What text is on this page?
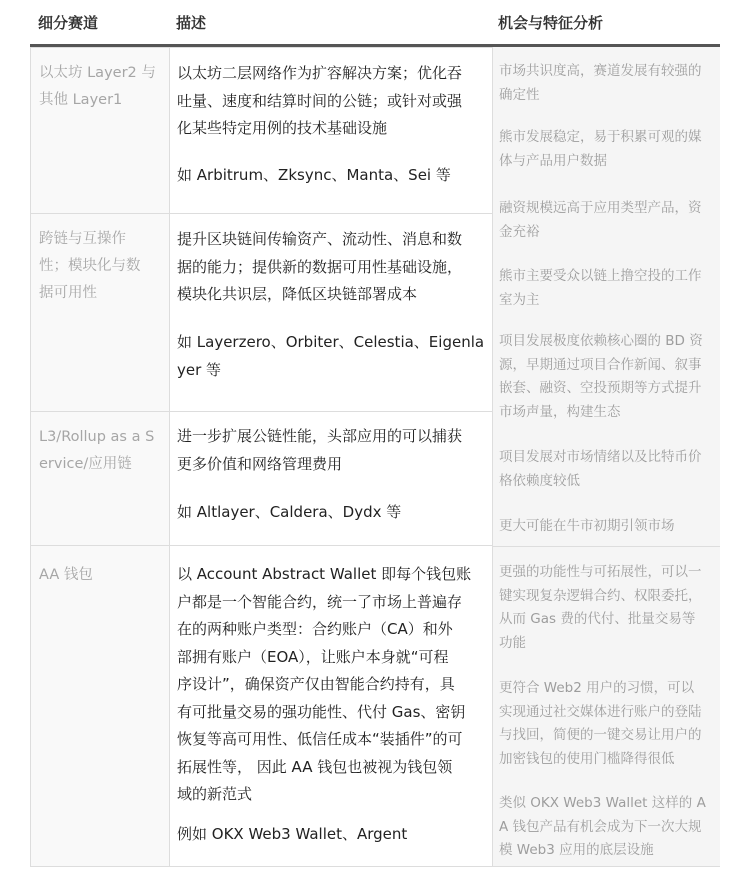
细分赛道	描述	机会与特征分析

以太坊 Layer2 与
其他 Layer1

跨链与互操作
性；模块化与数
据可用性

L3/Rollup as a S
ervice/应用链

AA 钱包

以太坊二层网络作为扩容解决方案；优化吞
吐量、速度和结算时间的公链；或针对或强
化某些特定用例的技术基础设施

如 Arbitrum、Zksync、Manta、Sei 等

提升区块链间传输资产、流动性、消息和数
据的能力；提供新的数据可用性基础设施，
模块化共识层，降低区块链部署成本

如 Layerzero、Orbiter、Celestia、Eigenla
yer 等

进一步扩展公链性能，头部应用的可以捕获
更多价值和网络管理费用

如 Altlayer、Caldera、Dydx 等

以 Account Abstract Wallet 即每个钱包账
户都是一个智能合约，统一了市场上普遍存
在的两种账户类型：合约账户（CA）和外
部拥有账户（EOA），让账户本身就“可程
序设计”，确保资产仅由智能合约持有，具
有可批量交易的强功能性、代付 Gas、密钥
恢复等高可用性、低信任成本“装插件”的可
拓展性等， 因此 AA 钱包也被视为钱包领
域的新范式

例如 OKX Web3 Wallet、Argent

市场共识度高，赛道发展有较强的
确定性

熊市发展稳定，易于积累可观的媒
体与产品用户数据

融资规模远高于应用类型产品，资
金充裕

熊市主要受众以链上撸空投的工作
室为主

项目发展极度依赖核心圈的 BD 资
源，早期通过项目合作新闻、叙事
嵌套、融资、空投预期等方式提升
市场声量，构建生态

项目发展对市场情绪以及比特币价
格依赖度较低

更大可能在牛市初期引领市场

更强的功能性与可拓展性，可以一
键实现复杂逻辑合约、权限委托，
从而 Gas 费的代付、批量交易等
功能

更符合 Web2 用户的习惯，可以
实现通过社交媒体进行账户的登陆
与找回，简便的一键交易让用户的
加密钱包的使用门槛降得很低

类似 OKX Web3 Wallet 这样的 A
A 钱包产品有机会成为下一次大规
模 Web3 应用的底层设施
